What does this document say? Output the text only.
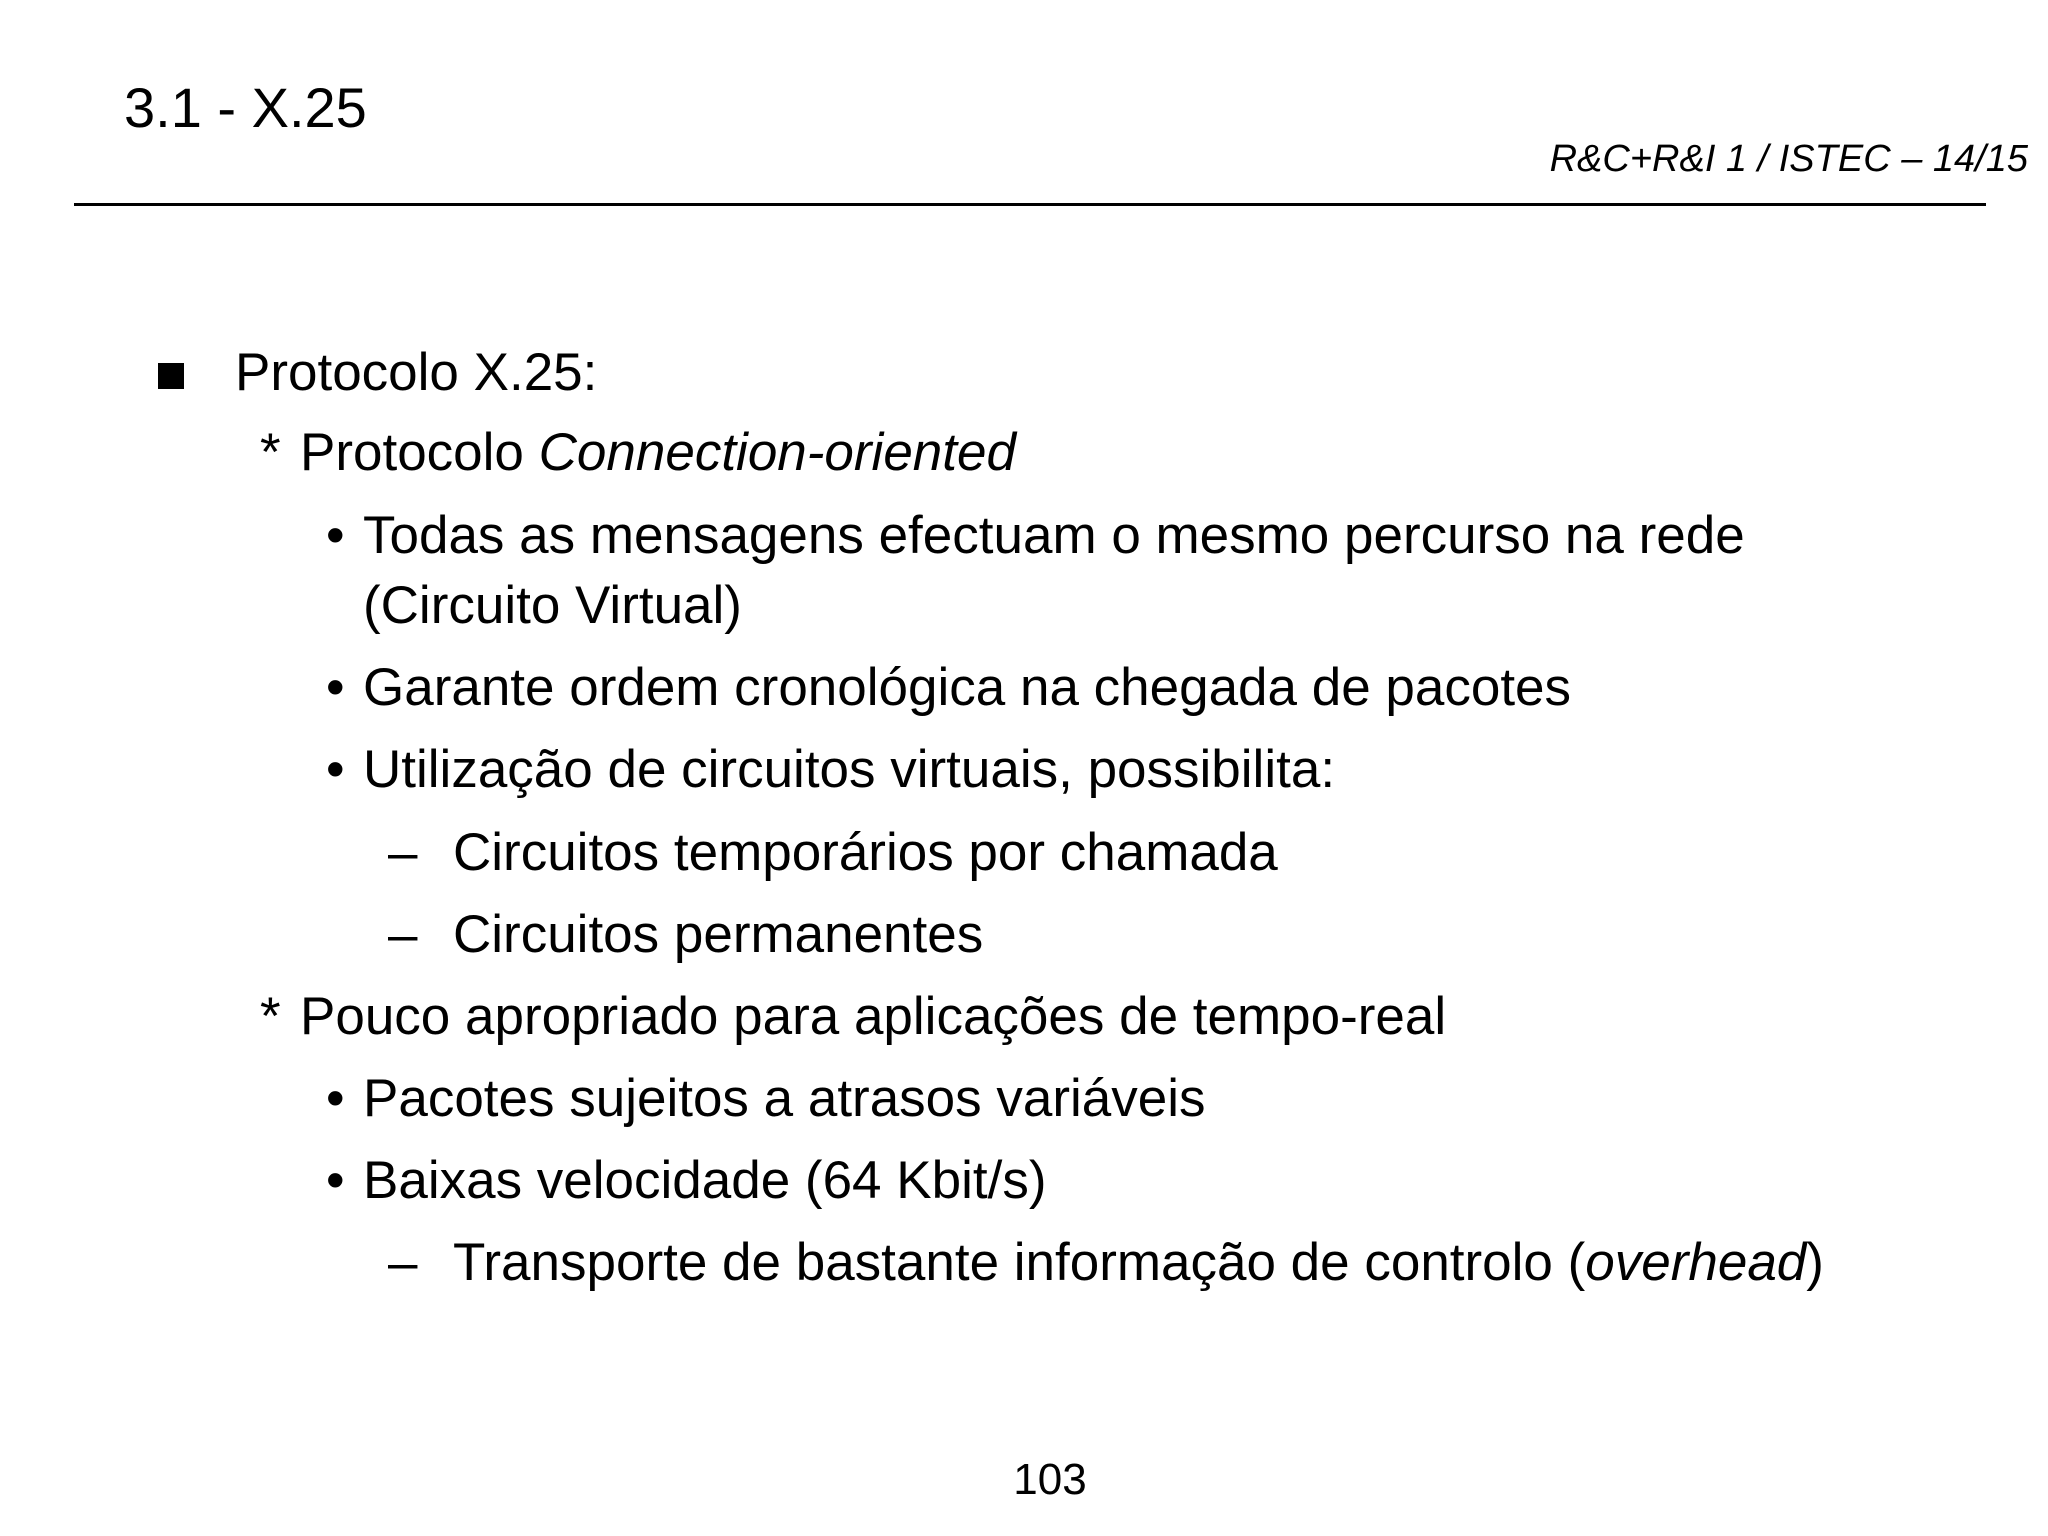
3.1 - X.25
R&C+R&I 1 / ISTEC – 14/15
Protocolo X.25:
* Protocolo Connection-oriented
• Todas as mensagens efectuam o mesmo percurso na rede
(Circuito Virtual)
• Garante ordem cronológica na chegada de pacotes
• Utilização de circuitos virtuais, possibilita:
– Circuitos temporários por chamada
– Circuitos permanentes
* Pouco apropriado para aplicações de tempo-real
• Pacotes sujeitos a atrasos variáveis
• Baixas velocidade (64 Kbit/s)
– Transporte de bastante informação de controlo (overhead)
103
